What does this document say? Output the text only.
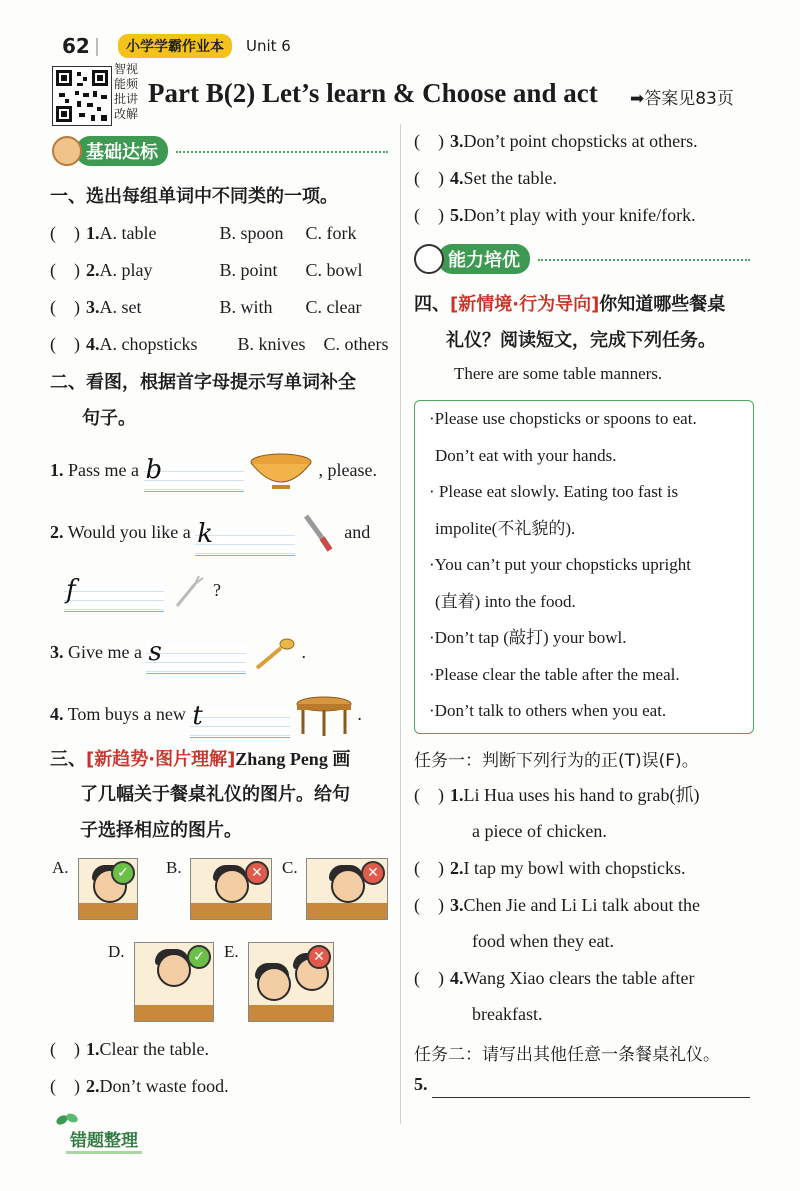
62	小学学霸作业本	Unit 6
智视
能频
批讲
改解
Part B(2) Let’s learn & Choose and act ➡答案见83页
基础达标
一、选出每组单词中不同类的一项。
(    ) 1.A. table	B. spoon C. fork
(    ) 2.A. play	B. point C. bowl
(    ) 3.A. set	B. with C. clear
(    ) 4.A. chopsticks B. knives C. others
二、看图，根据首字母提示写单词补全
句子。
1. Pass me a b	, please.
2. Would you like a k	and
f	?
3. Give me a s	.
4. Tom buys a new t	.
三、[新趋势·图片理解]Zhang Peng 画
了几幅关于餐桌礼仪的图片。给句
子选择相应的图片。
A.	✓	B.	✕	C.	✕
D.	✓	E.	✕
(    ) 1.Clear the table.
(    ) 2.Don’t waste food.
错题整理
(    ) 3.Don’t point chopsticks at others.
(    ) 4.Set the table.
(    ) 5.Don’t play with your knife/fork.
能力培优
四、[新情境·行为导向]你知道哪些餐桌
礼仪？阅读短文，完成下列任务。
There are some table manners.
·Please use chopsticks or spoons to eat.
Don’t eat with your hands.
· Please eat slowly. Eating too fast is
impolite(不礼貌的).
·You can’t put your chopsticks upright
(直着) into the food.
·Don’t tap (敲打) your bowl.
·Please clear the table after the meal.
·Don’t talk to others when you eat.
任务一：判断下列行为的正(T)误(F)。
(    ) 1.Li Hua uses his hand to grab(抓)
a piece of chicken.
(    ) 2.I tap my bowl with chopsticks.
(    ) 3.Chen Jie and Li Li talk about the
food when they eat.
(    ) 4.Wang Xiao clears the table after
breakfast.
任务二：请写出其他任意一条餐桌礼仪。
5.
